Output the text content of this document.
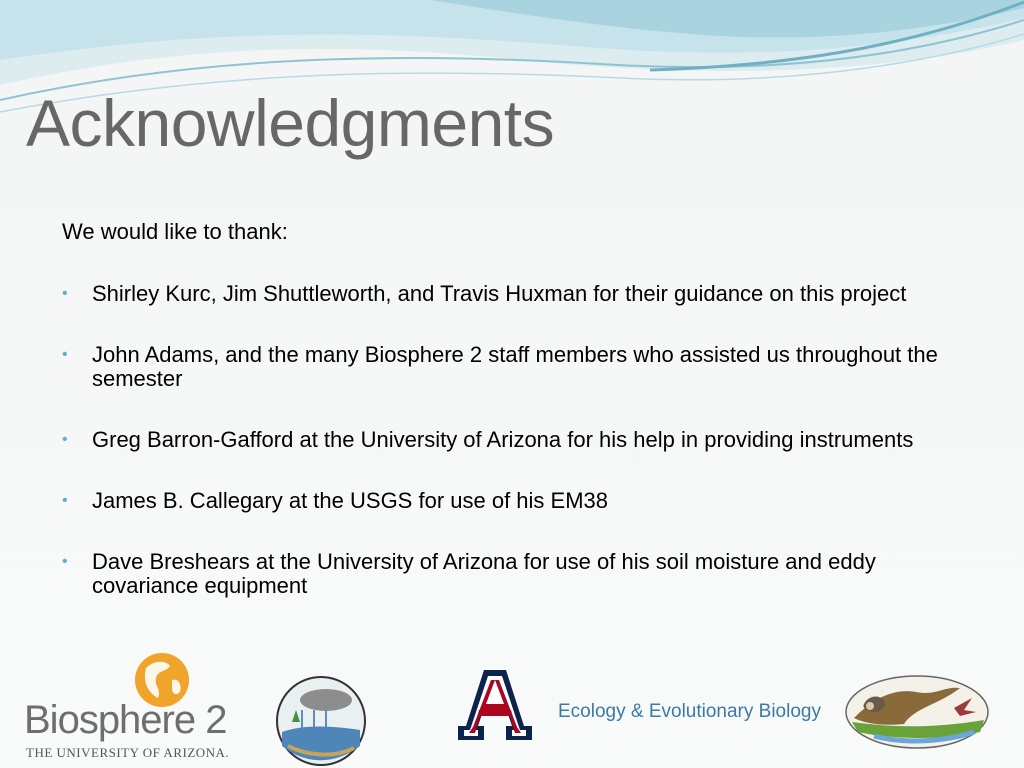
Acknowledgments

We would like to thank:

•	Shirley Kurc, Jim Shuttleworth, and Travis Huxman for their guidance on this project
•	John Adams, and the many Biosphere 2 staff members who assisted us throughout the semester
•	Greg Barron-Gafford at the University of Arizona for his help in providing instruments
•	James B. Callegary at the USGS for use of his EM38
•	Dave Breshears at the University of Arizona for use of his soil moisture and eddy covariance equipment
Biosphere 2
THE UNIVERSITY OF ARIZONA.
A	Ecology & Evolutionary Biology
